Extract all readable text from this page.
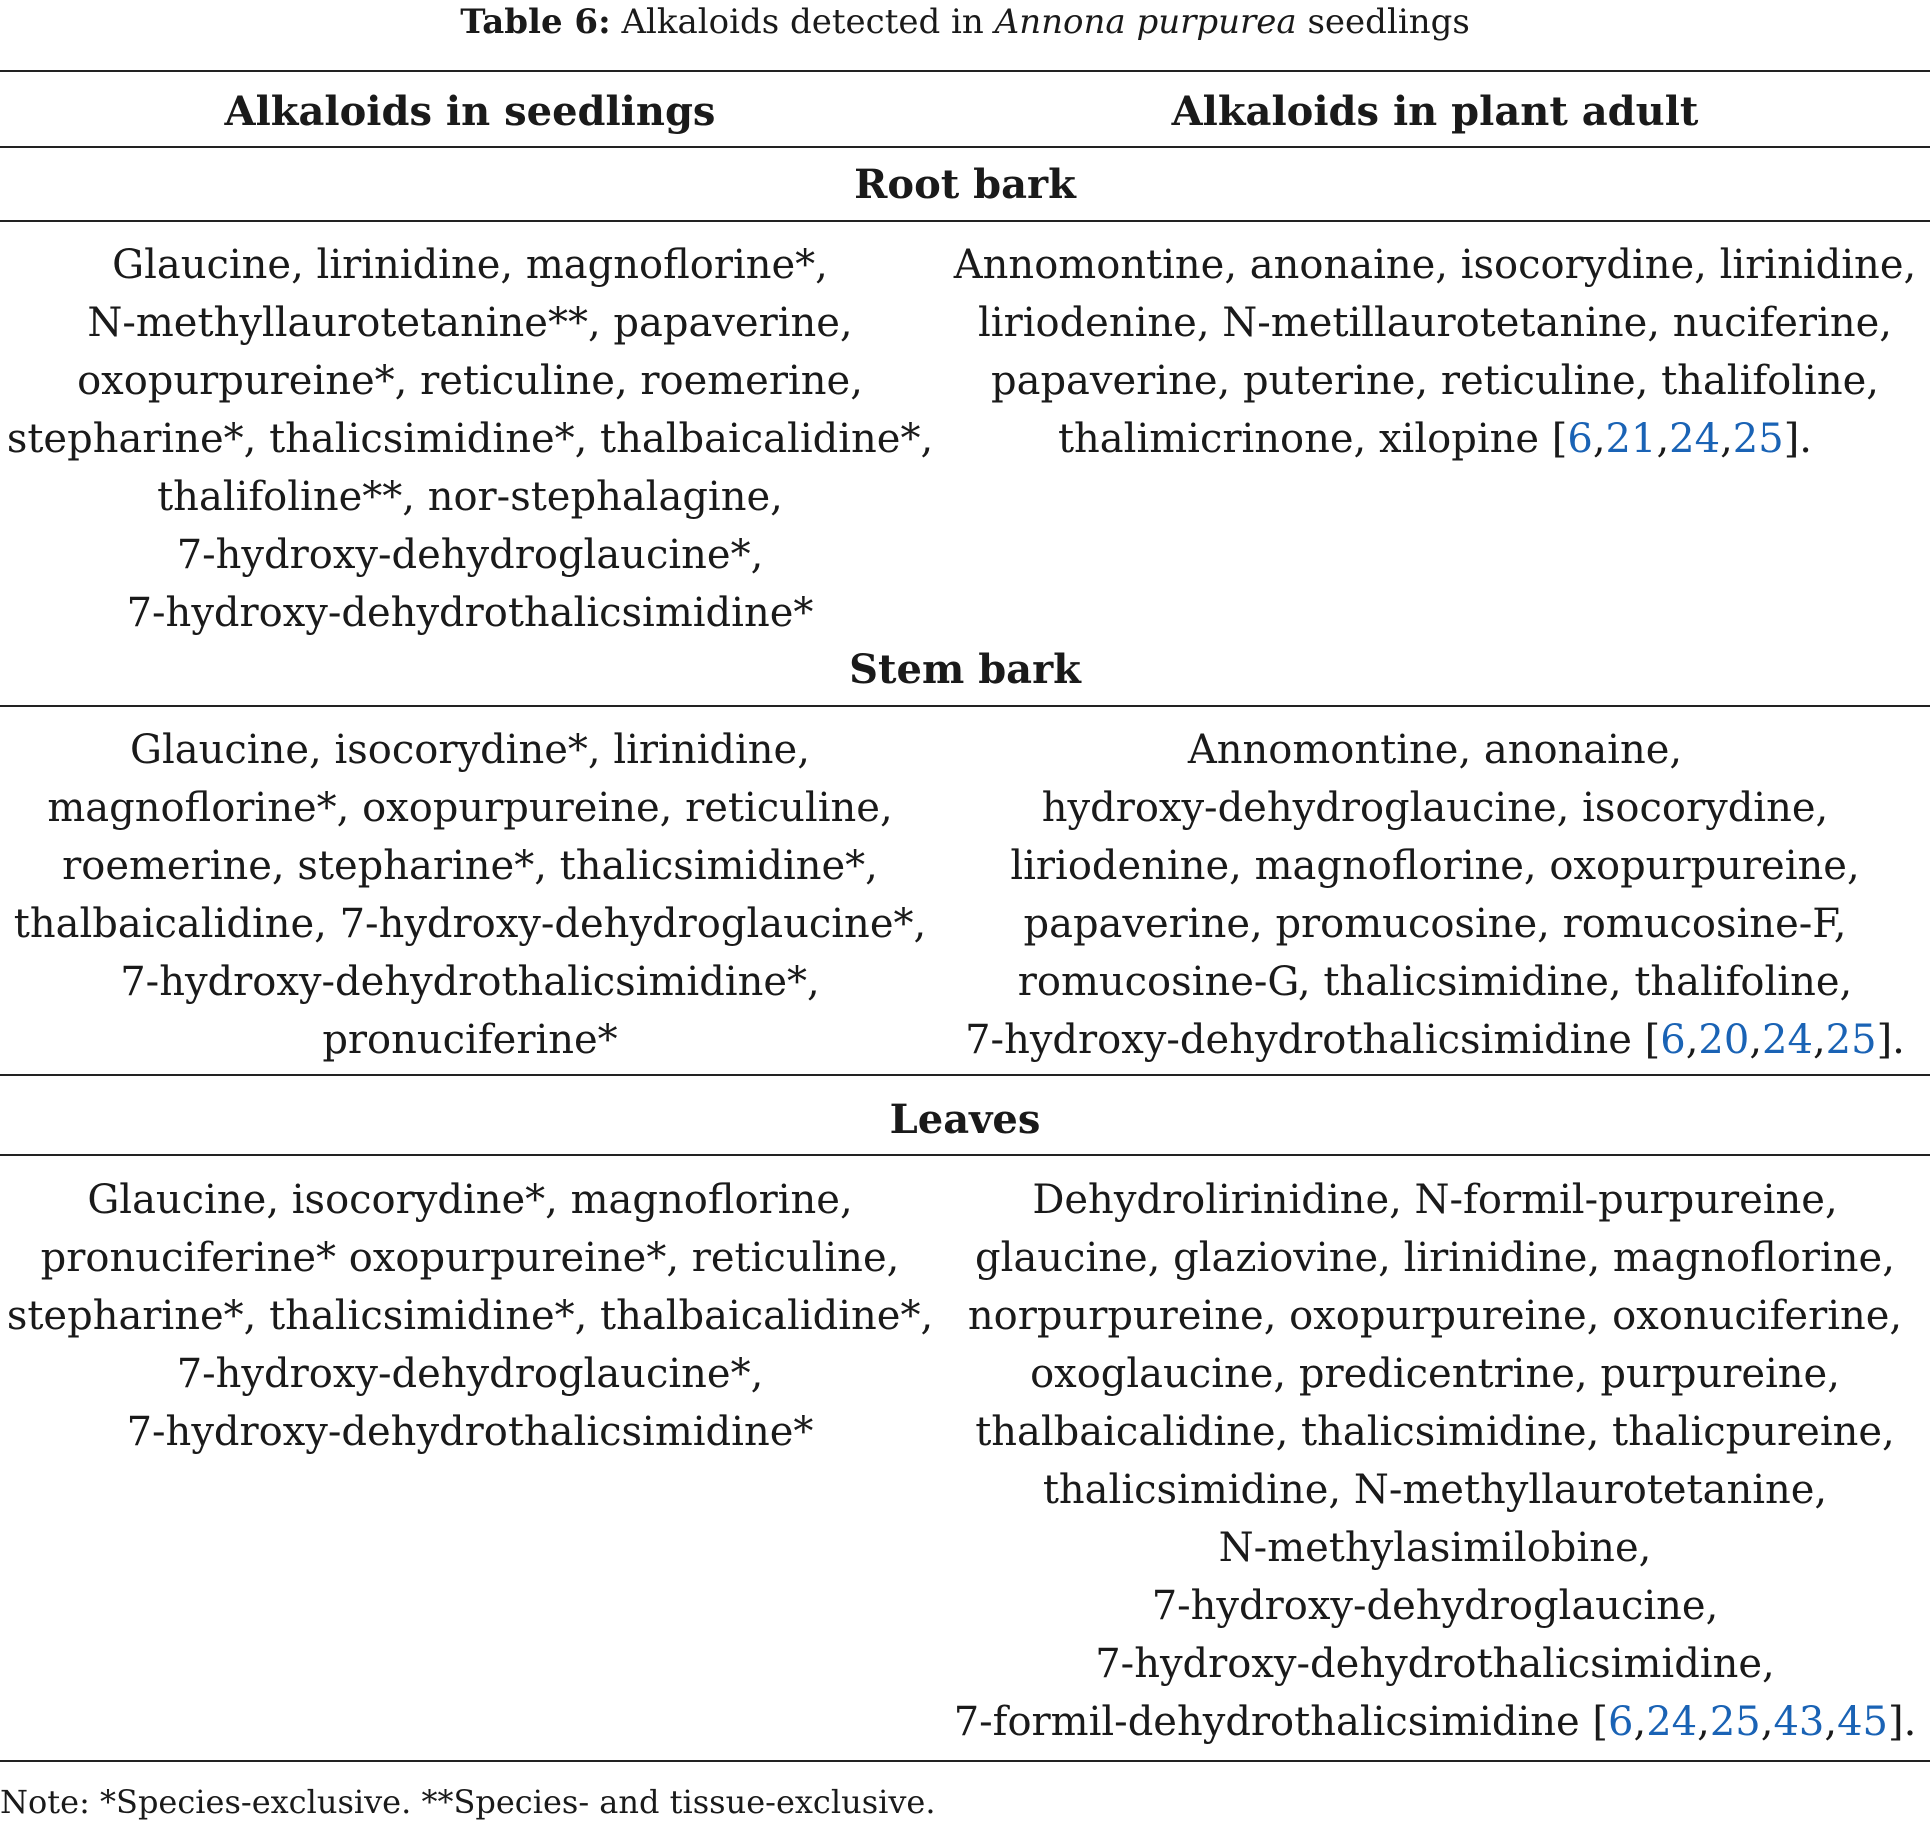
Table 6: Alkaloids detected in Annona purpurea seedlings
Alkaloids in seedlings	Alkaloids in plant adult
Root bark
Glaucine, lirinidine, magnoflorine*,
N-methyllaurotetanine**, papaverine,
oxopurpureine*, reticuline, roemerine,
stepharine*, thalicsimidine*, thalbaicalidine*,
thalifoline**, nor-stephalagine,
7-hydroxy-dehydroglaucine*,
7-hydroxy-dehydrothalicsimidine*
Annomontine, anonaine, isocorydine, lirinidine,
liriodenine, N-metillaurotetanine, nuciferine,
papaverine, puterine, reticuline, thalifoline,
thalimicrinone, xilopine [6,21,24,25].
Stem bark
Glaucine, isocorydine*, lirinidine,
magnoflorine*, oxopurpureine, reticuline,
roemerine, stepharine*, thalicsimidine*,
thalbaicalidine, 7-hydroxy-dehydroglaucine*,
7-hydroxy-dehydrothalicsimidine*,
pronuciferine*
Annomontine, anonaine,
hydroxy-dehydroglaucine, isocorydine,
liriodenine, magnoflorine, oxopurpureine,
papaverine, promucosine, romucosine-F,
romucosine-G, thalicsimidine, thalifoline,
7-hydroxy-dehydrothalicsimidine [6,20,24,25].
Leaves
Glaucine, isocorydine*, magnoflorine,
pronuciferine* oxopurpureine*, reticuline,
stepharine*, thalicsimidine*, thalbaicalidine*,
7-hydroxy-dehydroglaucine*,
7-hydroxy-dehydrothalicsimidine*
Dehydrolirinidine, N-formil-purpureine,
glaucine, glaziovine, lirinidine, magnoflorine,
norpurpureine, oxopurpureine, oxonuciferine,
oxoglaucine, predicentrine, purpureine,
thalbaicalidine, thalicsimidine, thalicpureine,
thalicsimidine, N-methyllaurotetanine,
N-methylasimilobine,
7-hydroxy-dehydroglaucine,
7-hydroxy-dehydrothalicsimidine,
7-formil-dehydrothalicsimidine [6,24,25,43,45].
Note: *Species-exclusive. **Species- and tissue-exclusive.
